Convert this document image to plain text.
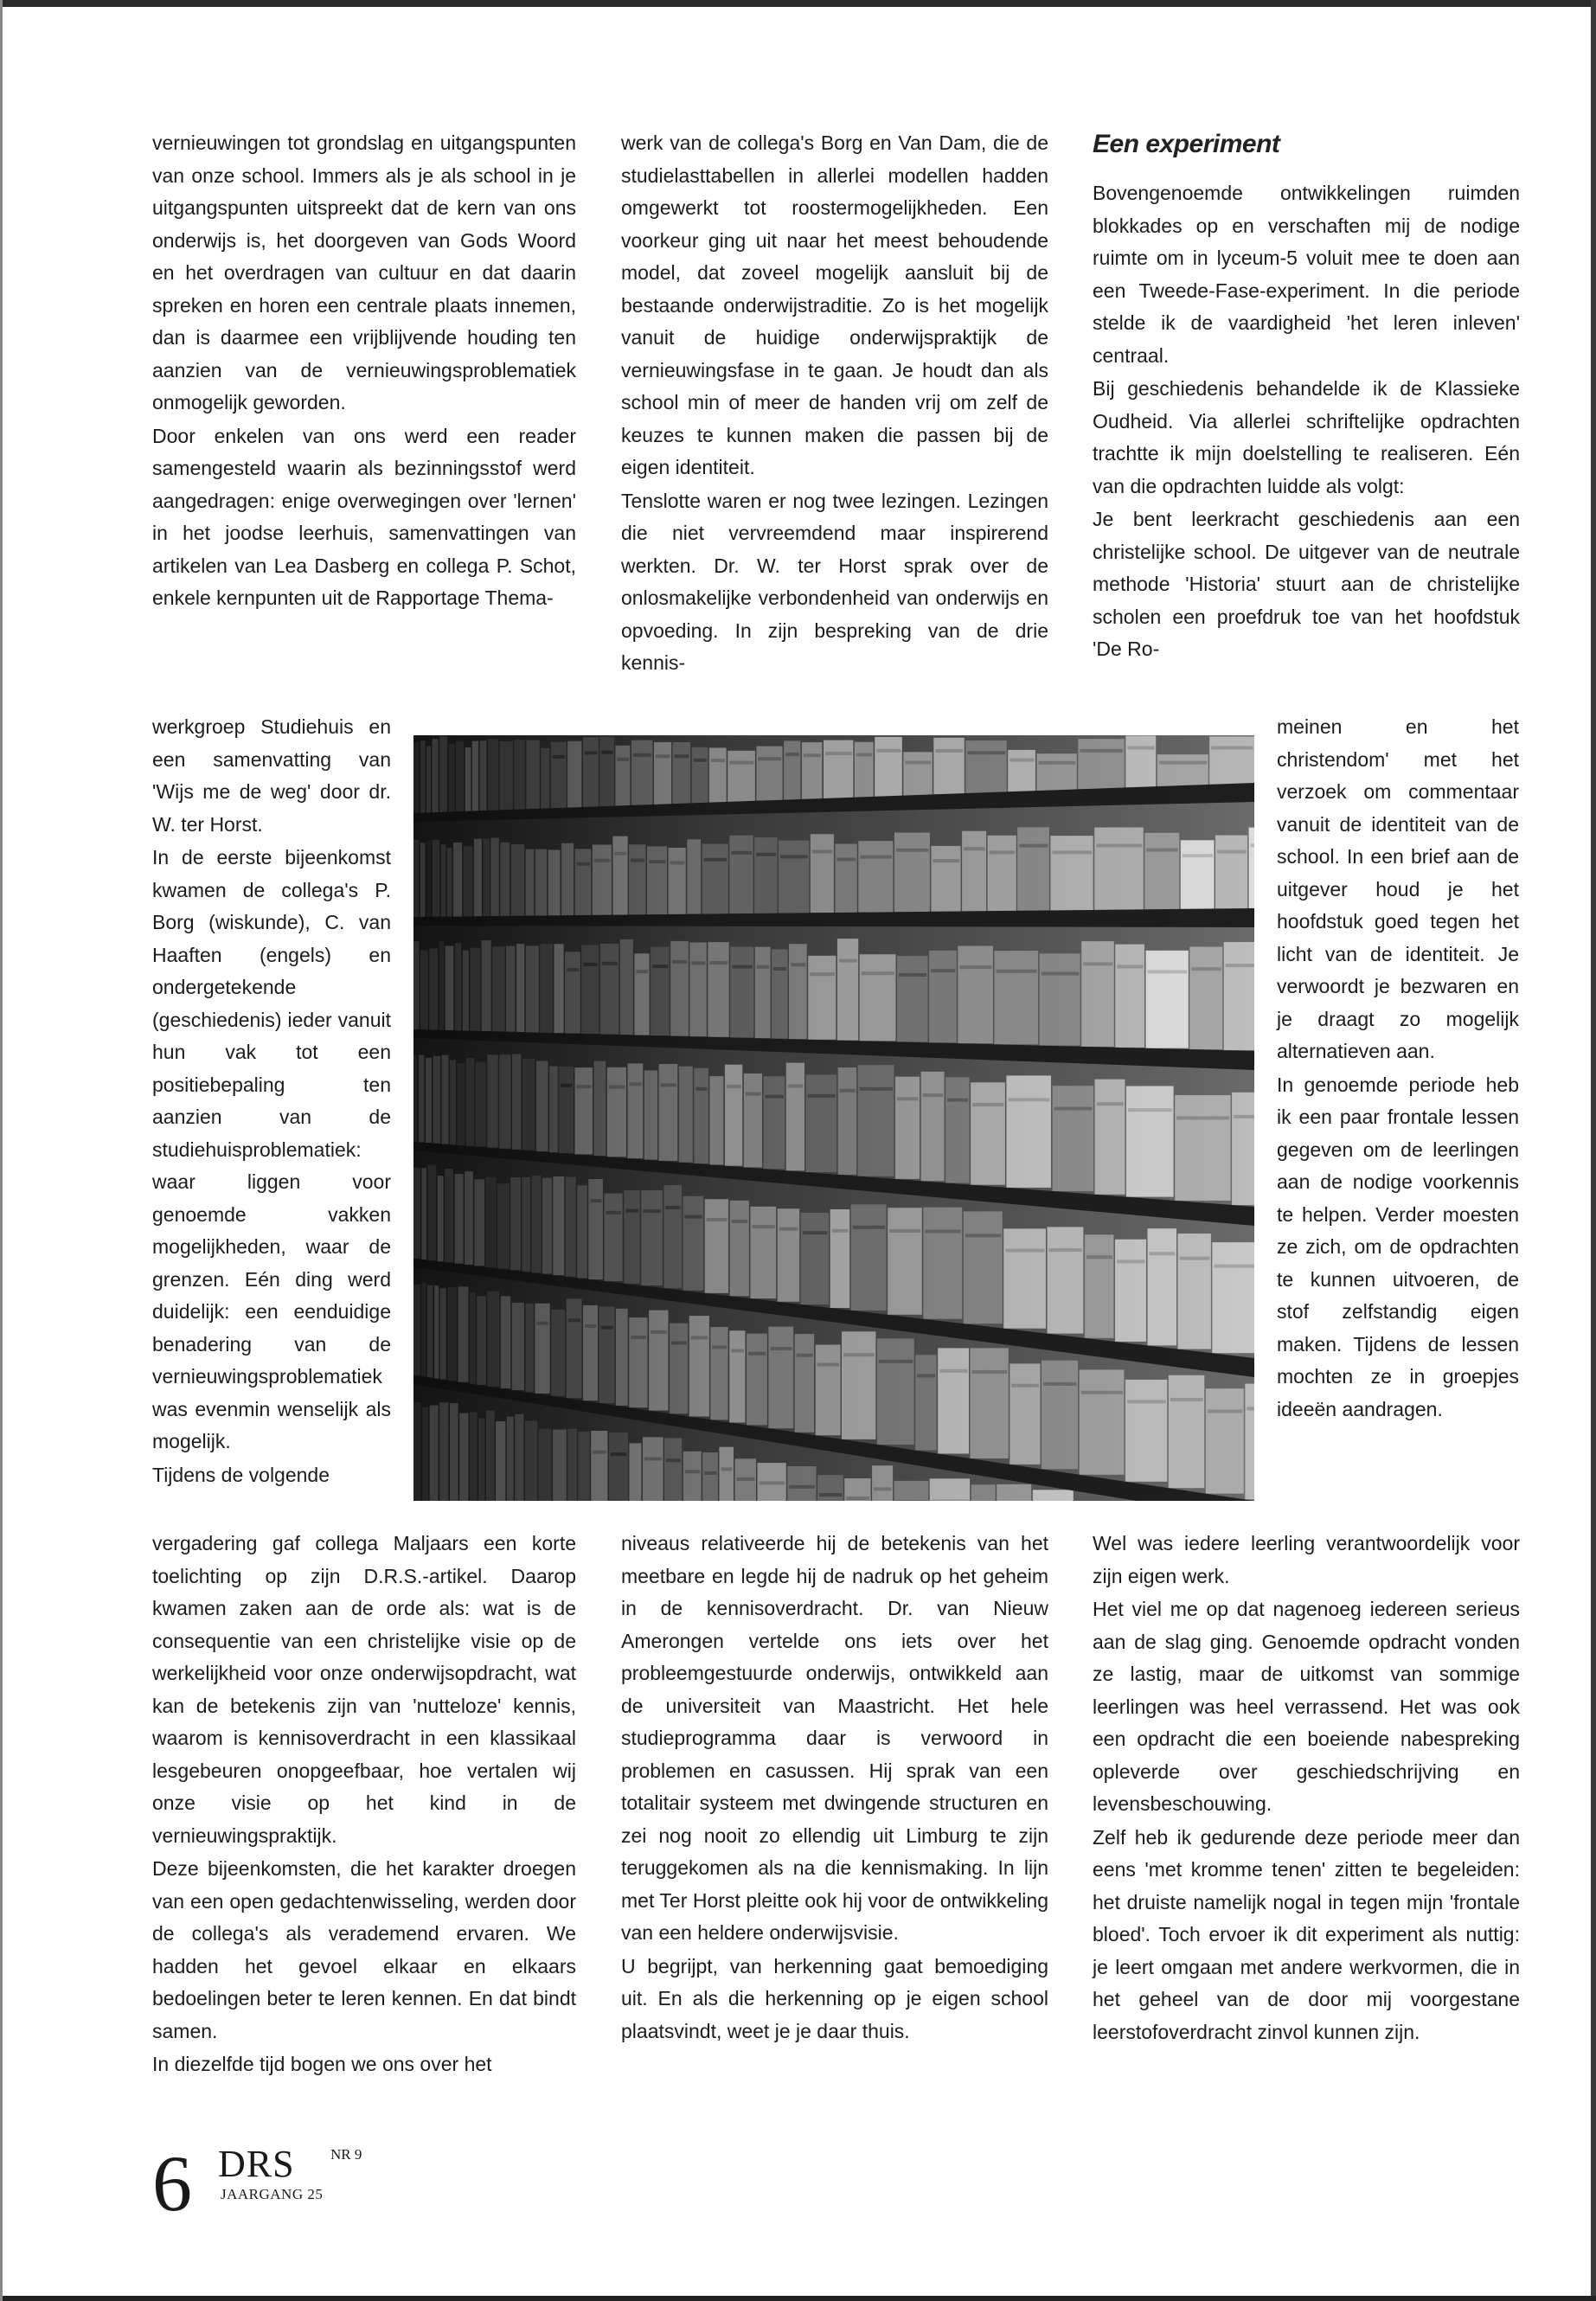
vernieuwingen tot grondslag en uitgangspunten van onze school. Immers als je als school in je uitgangspunten uitspreekt dat de kern van ons onderwijs is, het doorgeven van Gods Woord en het overdragen van cultuur en dat daarin spreken en horen een centrale plaats innemen, dan is daarmee een vrijblijvende houding ten aanzien van de vernieuwingsproblematiek onmogelijk geworden.

Door enkelen van ons werd een reader samengesteld waarin als bezinningsstof werd aangedragen: enige overwegingen over 'lernen' in het joodse leerhuis, samenvattingen van artikelen van Lea Dasberg en collega P. Schot, enkele kernpunten uit de Rapportage Thema-

werkgroep Studiehuis en een samenvatting van 'Wijs me de weg' door dr. W. ter Horst.

In de eerste bijeenkomst kwamen de collega's P. Borg (wiskunde), C. van Haaften (engels) en ondergetekende (geschiedenis) ieder vanuit hun vak tot een positiebepaling ten aanzien van de studiehuisproblematiek: waar liggen voor genoemde vakken mogelijkheden, waar de grenzen. Eén ding werd duidelijk: een eenduidige benadering van de vernieuwingsproblematiek was evenmin wenselijk als mogelijk.

Tijdens de volgende

vergadering gaf collega Maljaars een korte toelichting op zijn D.R.S.-artikel. Daarop kwamen zaken aan de orde als: wat is de consequentie van een christelijke visie op de werkelijkheid voor onze onderwijsopdracht, wat kan de betekenis zijn van 'nutteloze' kennis, waarom is kennisoverdracht in een klassikaal lesgebeuren onopgeefbaar, hoe vertalen wij onze visie op het kind in de vernieuwingspraktijk.

Deze bijeenkomsten, die het karakter droegen van een open gedachtenwisseling, werden door de collega's als verademend ervaren. We hadden het gevoel elkaar en elkaars bedoelingen beter te leren kennen. En dat bindt samen.

In diezelfde tijd bogen we ons over het

werk van de collega's Borg en Van Dam, die de studielasttabellen in allerlei modellen hadden omgewerkt tot roostermogelijkheden. Een voorkeur ging uit naar het meest behoudende model, dat zoveel mogelijk aansluit bij de bestaande onderwijstraditie. Zo is het mogelijk vanuit de huidige onderwijspraktijk de vernieuwingsfase in te gaan. Je houdt dan als school min of meer de handen vrij om zelf de keuzes te kunnen maken die passen bij de eigen identiteit.

Tenslotte waren er nog twee lezingen. Lezingen die niet vervreemdend maar inspirerend werkten. Dr. W. ter Horst sprak over de onlosmakelijke verbondenheid van onderwijs en opvoeding. In zijn bespreking van de drie kennis-

niveaus relativeerde hij de betekenis van het meetbare en legde hij de nadruk op het geheim in de kennisoverdracht. Dr. van Nieuw Amerongen vertelde ons iets over het probleemgestuurde onderwijs, ontwikkeld aan de universiteit van Maastricht. Het hele studieprogramma daar is verwoord in problemen en casussen. Hij sprak van een totalitair systeem met dwingende structuren en zei nog nooit zo ellendig uit Limburg te zijn teruggekomen als na die kennismaking. In lijn met Ter Horst pleitte ook hij voor de ontwikkeling van een heldere onderwijsvisie.

U begrijpt, van herkenning gaat bemoediging uit. En als die herkenning op je eigen school plaatsvindt, weet je je daar thuis.

Een experiment

Bovengenoemde ontwikkelingen ruimden blokkades op en verschaften mij de nodige ruimte om in lyceum-5 voluit mee te doen aan een Tweede-Fase-experiment. In die periode stelde ik de vaardigheid 'het leren inleven' centraal.

Bij geschiedenis behandelde ik de Klassieke Oudheid. Via allerlei schriftelijke opdrachten trachtte ik mijn doelstelling te realiseren. Eén van die opdrachten luidde als volgt:

Je bent leerkracht geschiedenis aan een christelijke school. De uitgever van de neutrale methode 'Historia' stuurt aan de christelijke scholen een proefdruk toe van het hoofdstuk 'De Ro-

meinen en het christendom' met het verzoek om commentaar vanuit de identiteit van de school. In een brief aan de uitgever houd je het hoofdstuk goed tegen het licht van de identiteit. Je verwoordt je bezwaren en je draagt zo mogelijk alternatieven aan.

In genoemde periode heb ik een paar frontale lessen gegeven om de leerlingen aan de nodige voorkennis te helpen. Verder moesten ze zich, om de opdrachten te kunnen uitvoeren, de stof zelfstandig eigen maken. Tijdens de lessen mochten ze in groepjes ideeën aandragen.

Wel was iedere leerling verantwoordelijk voor zijn eigen werk.

Het viel me op dat nagenoeg iedereen serieus aan de slag ging. Genoemde opdracht vonden ze lastig, maar de uitkomst van sommige leerlingen was heel verrassend. Het was ook een opdracht die een boeiende nabespreking opleverde over geschiedschrijving en levensbeschouwing.

Zelf heb ik gedurende deze periode meer dan eens 'met kromme tenen' zitten te begeleiden: het druiste namelijk nogal in tegen mijn 'frontale bloed'. Toch ervoer ik dit experiment als nuttig: je leert omgaan met andere werkvormen, die in het geheel van de door mij voorgestane leerstofoverdracht zinvol kunnen zijn.

6 DRS NR 9
JAARGANG 25
